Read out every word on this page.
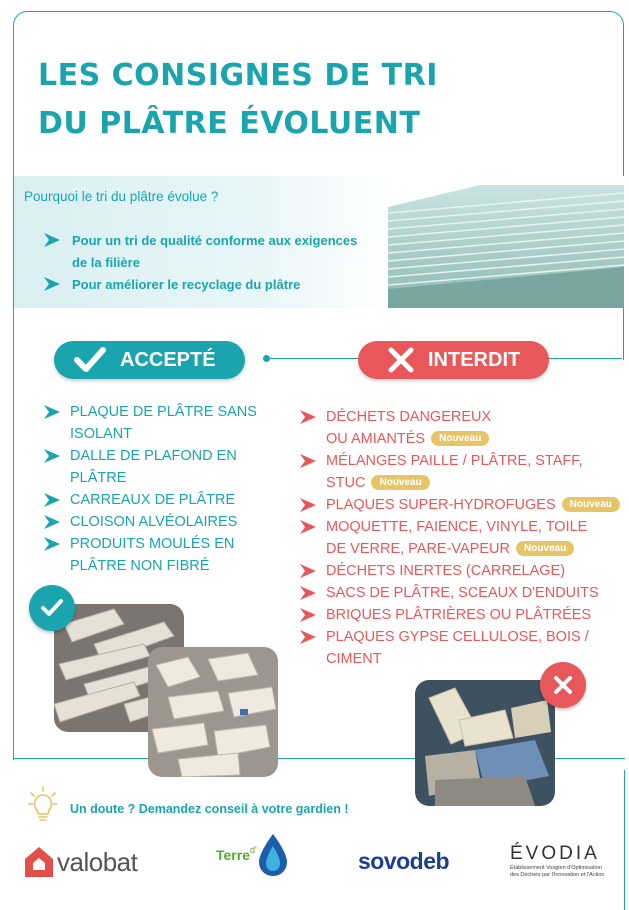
LES CONSIGNES DE TRI
DU PLÂTRE ÉVOLUENT
Pourquoi le tri du plâtre évolue ?
Pour un tri de qualité conforme aux exigences
de la filière
Pour améliorer le recyclage du plâtre
ACCEPTÉ	INTERDIT
PLAQUE DE PLÂTRE SANS
ISOLANT
DALLE DE PLAFOND EN
PLÂTRE
CARREAUX DE PLÂTRE
CLOISON ALVÉOLAIRES
PRODUITS MOULÉS EN
PLÂTRE NON FIBRÉ
DÉCHETS DANGEREUX
OU AMIANTÉS Nouveau
MÉLANGES PAILLE / PLÂTRE, STAFF,
STUC Nouveau
PLAQUES SUPER-HYDROFUGES Nouveau
MOQUETTE, FAIENCE, VINYLE, TOILE
DE VERRE, PARE-VAPEUR Nouveau
DÉCHETS INERTES (CARRELAGE)
SACS DE PLÂTRE, SCEAUX D'ENDUITS
BRIQUES PLÂTRIÈRES OU PLÂTRÉES
PLAQUES GYPSE CELLULOSE, BOIS /
CIMENT
Un doute ? Demandez conseil à votre gardien !
valobat	Terre d'	sovodeb	ÉVODIA
Établissement Vosgien d'Optimisation
des Déchets par l'Innovation et l'Action
